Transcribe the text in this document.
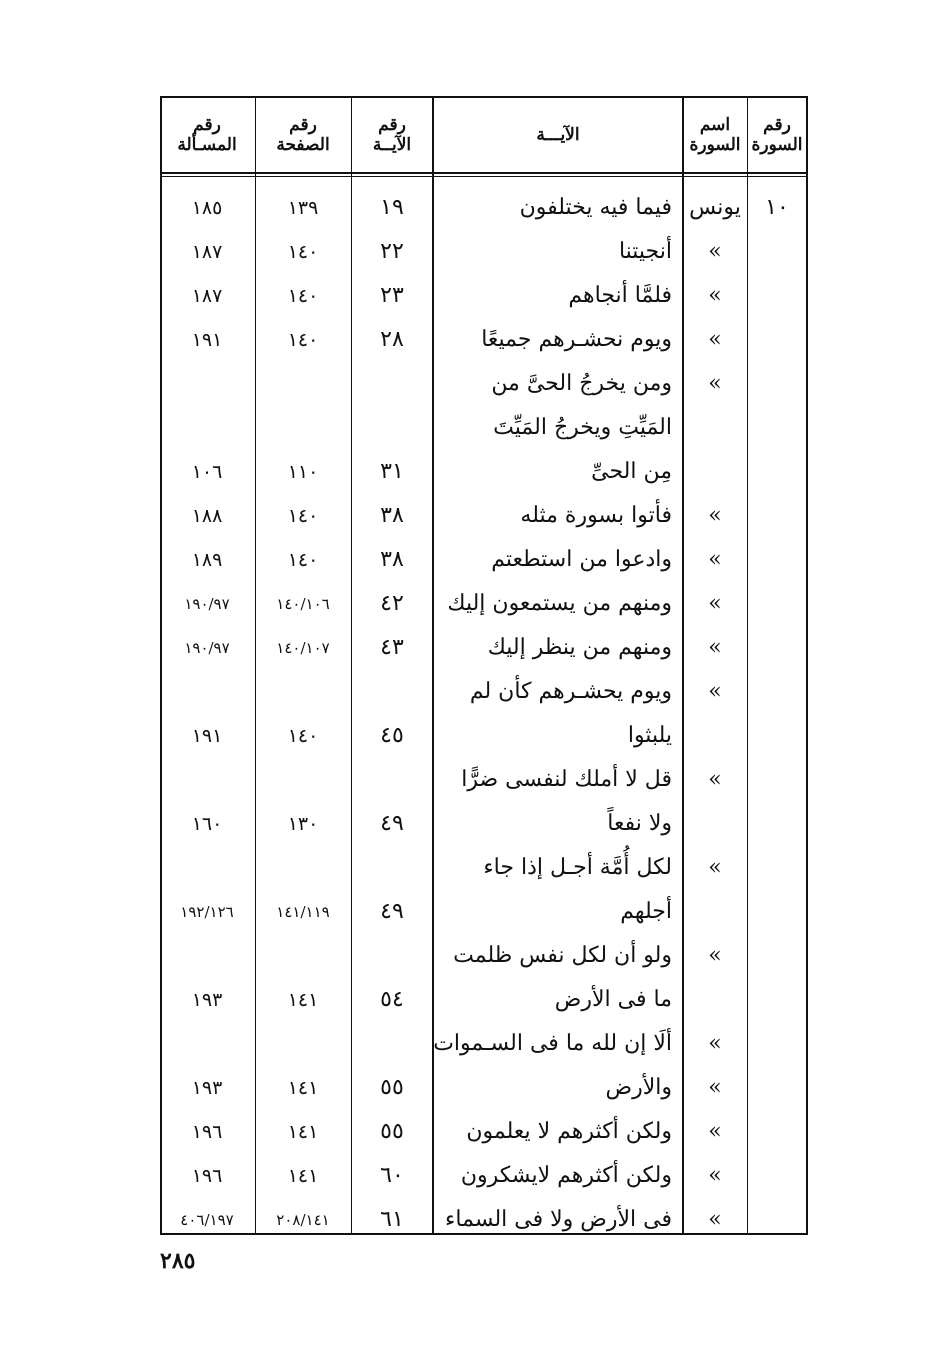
رقم
السورة
اسم
السورة
الآيـــة
رقم
الآيــة
رقم
الصفحة
رقم
المسـألة
١٠
يونس
فيما فيه يختلفون
١٩
١٣٩
١٨٥
»
أنجيتنا
٢٢
١٤٠
١٨٧
»
فلمَّا أنجاهم
٢٣
١٤٠
١٨٧
»
ويوم نحشـرهم جميعًا
٢٨
١٤٠
١٩١
»
ومن يخرجُ الحىَّ من
المَيِّتِ ويخرجُ المَيِّتَ
مِن الحىِّ
٣١
١١٠
١٠٦
»
فأتوا بسورة مثله
٣٨
١٤٠
١٨٨
»
وادعوا من استطعتم
٣٨
١٤٠
١٨٩
»
ومنهم من يستمعون إليك
٤٢
١٤٠/١٠٦
١٩٠/٩٧
»
ومنهم من ينظر إليك
٤٣
١٤٠/١٠٧
١٩٠/٩٧
»
ويوم يحشـرهم كأن لم
يلبثوا
٤٥
١٤٠
١٩١
»
قل لا أملك لنفسى ضرًّا
ولا نفعاً
٤٩
١٣٠
١٦٠
»
لكل أُمَّة أجـل إذا جاء
أجلهم
٤٩
١٤١/١١٩
١٩٢/١٢٦
»
ولو أن لكل نفس ظلمت
ما فى الأرض
٥٤
١٤١
١٩٣
»
ألَا إن لله ما فى السـموات
»
والأرض
٥٥
١٤١
١٩٣
»
ولكن أكثرهم لا يعلمون
٥٥
١٤١
١٩٦
»
ولكن أكثرهم لايشكرون
٦٠
١٤١
١٩٦
»
فى الأرض ولا فى السماء
٦١
٢٠٨/١٤١
٤٠٦/١٩٧
٢٨٥
